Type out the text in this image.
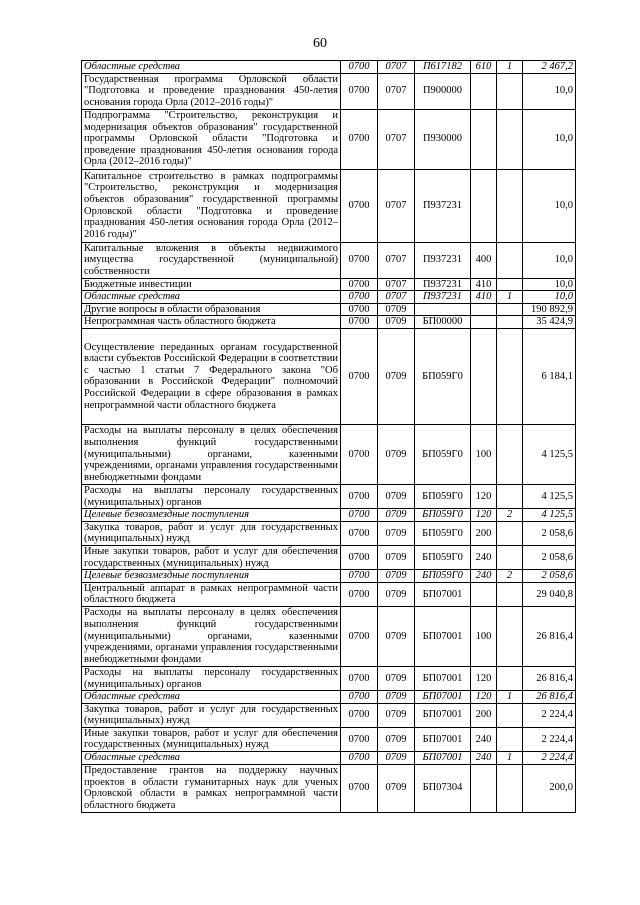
60
Областные средства	0700	0707	П617182	610	1	2 467,2
Государственная программа Орловской области "Подготовка и проведение празднования 450-летия основания города Орла (2012–2016 годы)"	0700	0707	П900000			10,0
Подпрограмма "Строительство, реконструкция и модернизация объектов образования" государственной программы Орловской области "Подготовка и проведение празднования 450-летия основания города Орла (2012–2016 годы)"	0700	0707	П930000			10,0
Капитальное строительство в рамках подпрограммы "Строительство, реконструкция и модернизация объектов образования" государственной программы Орловской области "Подготовка и проведение празднования 450-летия основания города Орла (2012–2016 годы)"	0700	0707	П937231			10,0
Капитальные вложения в объекты недвижимого имущества государственной (муниципальной) собственности	0700	0707	П937231	400		10,0
Бюджетные инвестиции	0700	0707	П937231	410		10,0
Областные средства	0700	0707	П937231	410	1	10,0
Другие вопросы в области образования	0700	0709				190 892,9
Непрограммная часть областного бюджета	0700	0709	БП00000			35 424,9
Осуществление переданных органам государственной власти субъектов Российской Федерации в соответствии с частью 1 статьи 7 Федерального закона "Об образовании в Российской Федерации" полномочий Российской Федерации в сфере образования в рамках непрограммной части областного бюджета	0700	0709	БП059Г0			6 184,1
Расходы на выплаты персоналу в целях обеспечения выполнения функций государственными (муниципальными) органами, казенными учреждениями, органами управления государственными внебюджетными фондами	0700	0709	БП059Г0	100		4 125,5
Расходы на выплаты персоналу государственных (муниципальных) органов	0700	0709	БП059Г0	120		4 125,5
Целевые безвозмездные поступления	0700	0709	БП059Г0	120	2	4 125,5
Закупка товаров, работ и услуг для государственных (муниципальных) нужд	0700	0709	БП059Г0	200		2 058,6
Иные закупки товаров, работ и услуг для обеспечения государственных (муниципальных) нужд	0700	0709	БП059Г0	240		2 058,6
Целевые безвозмездные поступления	0700	0709	БП059Г0	240	2	2 058,6
Центральный аппарат в рамках непрограммной части областного бюджета	0700	0709	БП07001			29 040,8
Расходы на выплаты персоналу в целях обеспечения выполнения функций государственными (муниципальными) органами, казенными учреждениями, органами управления государственными внебюджетными фондами	0700	0709	БП07001	100		26 816,4
Расходы на выплаты персоналу государственных (муниципальных) органов	0700	0709	БП07001	120		26 816,4
Областные средства	0700	0709	БП07001	120	1	26 816,4
Закупка товаров, работ и услуг для государственных (муниципальных) нужд	0700	0709	БП07001	200		2 224,4
Иные закупки товаров, работ и услуг для обеспечения государственных (муниципальных) нужд	0700	0709	БП07001	240		2 224,4
Областные средства	0700	0709	БП07001	240	1	2 224,4
Предоставление грантов на поддержку научных проектов в области гуманитарных наук для ученых Орловской области в рамках непрограммной части областного бюджета	0700	0709	БП07304			200,0
